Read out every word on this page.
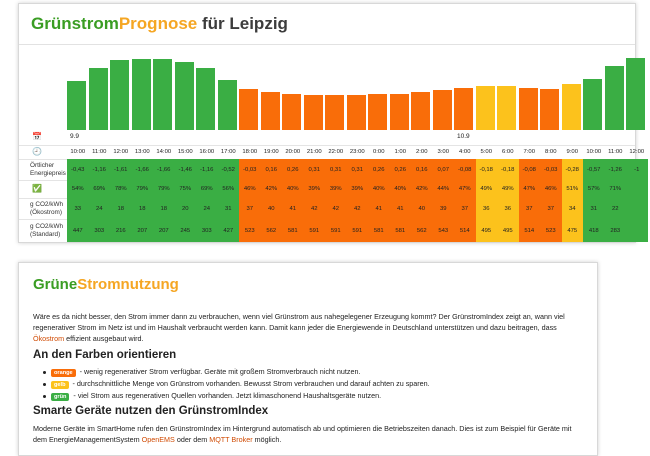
GrünstromPrognose für Leipzig
📅	9.9	10.9
🕘	10:00	11:00	12:00	13:00	14:00	15:00	16:00	17:00	18:00	19:00	20:00	21:00	22:00	23:00	0:00	1:00	2:00	3:00	4:00	5:00	6:00	7:00	8:00	9:00	10:00	11:00	12:00
Örtlicher
Energiepreis
-0,43	-1,16	-1,61	-1,66	-1,66	-1,46	-1,16	-0,52	-0,03	0,16	0,26	0,31	0,31	0,31	0,26	0,26	0,16	0,07	-0,08	-0,18	-0,18	-0,08	-0,03	-0,28	-0,57	-1,26	-1
✅	54%	69%	78%	79%	79%	75%	69%	56%	46%	42%	40%	39%	39%	39%	40%	40%	42%	44%	47%	49%	49%	47%	46%	51%	57%	71%
g CO2/kWh
(Ökostrom)
33	24	18	18	18	20	24	31	37	40	41	42	42	42	41	41	40	39	37	36	36	37	37	34	31	22
g CO2/kWh
(Standard)
447	303	216	207	207	245	303	427	523	562	581	591	591	591	581	581	562	543	514	495	495	514	523	475	418	283
GrüneStromnutzung
Wäre es da nicht besser, den Strom immer dann zu verbrauchen, wenn viel Grünstrom aus nahegelegener Erzeugung kommt? Der GrünstromIndex zeigt an, wann viel regenerativer Strom im Netz ist und im Haushalt verbraucht werden kann. Damit kann jeder die Energiewende in Deutschland unterstützen und dazu beitragen, dass Ökostrom effizient ausgebaut wird.
An den Farben orientieren
orange - wenig regenerativer Strom verfügbar. Geräte mit großem Stromverbrauch nicht nutzen.
gelb - durchschnittliche Menge von Grünstrom vorhanden. Bewusst Strom verbrauchen und darauf achten zu sparen.
grün - viel Strom aus regenerativen Quellen vorhanden. Jetzt klimaschonend Haushaltsgeräte nutzen.
Smarte Geräte nutzen den GrünstromIndex
Moderne Geräte im SmartHome rufen den GrünstromIndex im Hintergrund automatisch ab und optimieren die Betriebszeiten danach. Dies ist zum Beispiel für Geräte mit dem EnergieManagementSystem OpenEMS oder dem MQTT Broker möglich.
